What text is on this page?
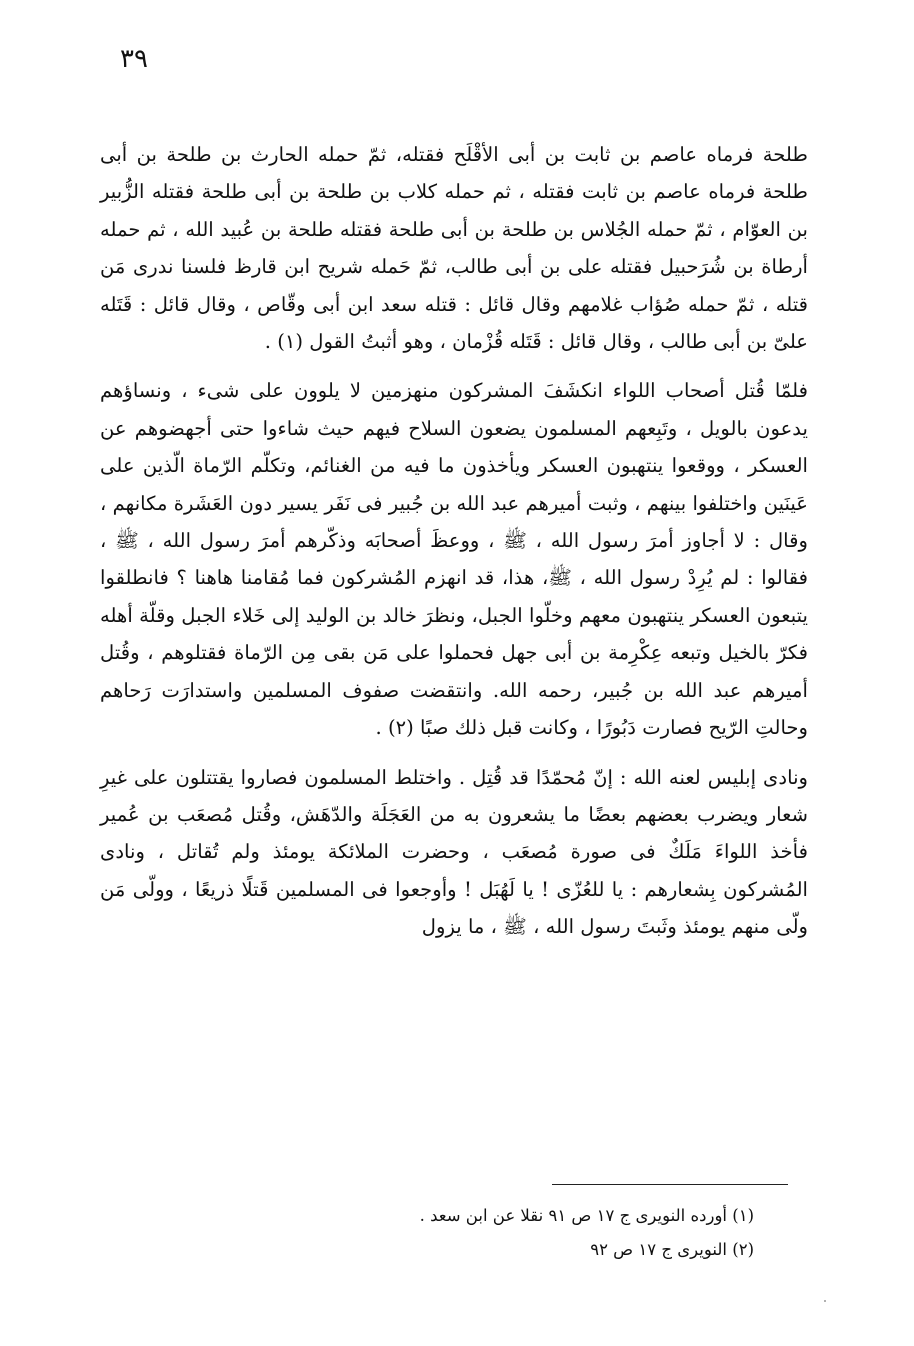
٣٩

طلحة فرماه عاصم بن ثابت بن أبى الأقْلَح فقتله، ثمّ حمله الحارث بن طلحة بن أبى طلحة فرماه عاصم بن ثابت فقتله ، ثم حمله كلاب بن طلحة بن أبى طلحة فقتله الزُّبير بن العوّام ، ثمّ حمله الجُلاس بن طلحة بن أبى طلحة فقتله طلحة بن عُبيد الله ، ثم حمله أرطاة بن شُرَحبيل فقتله على بن أبى طالب، ثمّ حَمله شريح ابن قارظ فلسنا ندرى مَن قتله ، ثمّ حمله صُؤاب غلامهم وقال قائل : قتله سعد ابن أبى وقّاص ، وقال قائل : قَتَله علىّ بن أبى طالب ، وقال قائل : قَتَله قُزْمان ، وهو أثبتُ القول (١) .

فلمّا قُتل أصحاب اللواء انكشَفَ المشركون منهزمين لا يلوون على شىء ، ونساؤهم يدعون بالويل ، وتَبِعهم المسلمون يضعون السلاح فيهم حيث شاءوا حتى أجهضوهم عن العسكر ، ووقعوا ينتهبون العسكر ويأخذون ما فيه من الغنائم، وتكلّم الرّماة الّذين على عَينَين واختلفوا بينهم ، وثبت أميرهم عبد الله بن جُبير فى نَفَر يسير دون العَشَرة مكانهم ، وقال : لا أجاوز أمرَ رسول الله ، ﷺ ، ووعظَ أصحابَه وذكّرهم أمرَ رسول الله ، ﷺ ، فقالوا : لم يُرِدْ رسول الله ، ﷺ، هذا، قد انهزم المُشركون فما مُقامنا هاهنا ؟ فانطلقوا يتبعون العسكر ينتهبون معهم وخلّوا الجبل، ونظرَ خالد بن الوليد إلى خَلاء الجبل وقلّة أهله فكرّ بالخيل وتبعه عِكْرِمة بن أبى جهل فحملوا على مَن بقى مِن الرّماة فقتلوهم ، وقُتل أميرهم عبد الله بن جُبير، رحمه الله. وانتقضت صفوف المسلمين واستدارَت رَحاهم وحالتِ الرّيح فصارت دَبُورًا ، وكانت قبل ذلك صبًا (٢) .

ونادى إبليس لعنه الله : إنّ مُحمّدًا قد قُتِل . واختلط المسلمون فصاروا يقتتلون على غيرِ شعار ويضرب بعضهم بعضًا ما يشعرون به من العَجَلَة والدّهَش، وقُتل مُصعَب بن عُمير فأخذ اللواءَ مَلَكٌ فى صورة مُصعَب ، وحضرت الملائكة يومئذ ولم تُقاتل ، ونادى المُشركون بِشعارهم : يا للعُزّى ! يا لَهُبَل ! وأوجعوا فى المسلمين قَتلًا ذريعًا ، وولّى مَن ولّى منهم يومئذ وثَبتَ رسول الله ، ﷺ ، ما يزول

(١) أورده النويرى ج ١٧ ص ٩١ نقلا عن ابن سعد .
(٢) النويرى ج ١٧ ص ٩٢
